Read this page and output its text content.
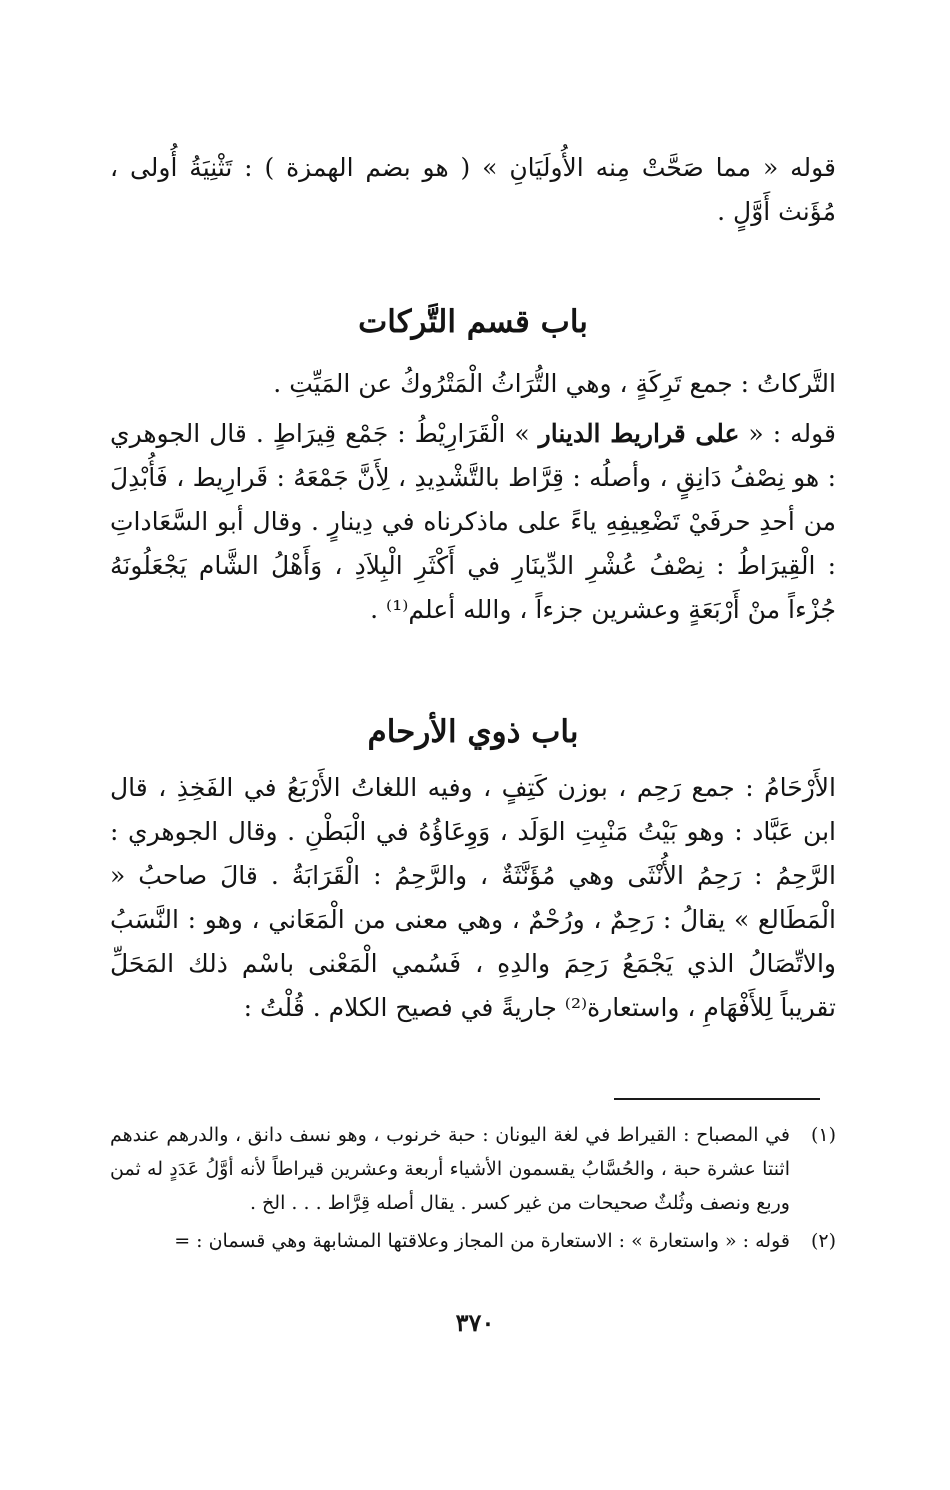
قوله « مما صَحَّتْ مِنه الأُولَيَانِ » ( هو بضم الهمزة ) : تَثْنِيَةُ أُولى ، مُؤَنث أَوَّلٍ .

باب قسم التَّركات

التَّركاتُ : جمع تَرِكَةٍ ، وهي التُّرَاثُ الْمَتْرُوكُ عن المَيِّتِ .

قوله : « على قراريط الدينار » الْقَرَارِيْطُ : جَمْع قِيرَاطٍ . قال الجوهري : هو نِصْفُ دَانِقٍ ، وأصلُه : قِرَّاط بالتَّشْدِيدِ ، لِأَنَّ جَمْعَهُ : قَرارِيط ، فَأُبْدِلَ من أحدِ حرفَيْ تَضْعِيفِهِ ياءً على ماذكرناه في دِينارٍ . وقال أبو السَّعَاداتِ : الْقِيرَاطُ : نِصْفُ عُشْرِ الدِّينَارِ في أَكْثَرِ الْبِلاَدِ ، وَأَهْلُ الشَّام يَجْعَلُونَهُ جُزْءاً منْ أَرْبَعَةٍ وعشرين جزءاً ، والله أعلم⁽¹⁾ .

باب ذوي الأرحام

الأَرْحَامُ : جمع رَحِم ، بوزن كَتِفٍ ، وفيه اللغاتُ الأَرْبَعُ في الفَخِذِ ، قال ابن عَبَّاد : وهو بَيْتُ مَنْبِتِ الوَلَد ، وَوِعَاؤُهُ في الْبَطْنِ . وقال الجوهري : الرَّحِمُ : رَحِمُ الأُنْثَى وهي مُؤَنَّثَةٌ ، والرَّحِمُ : الْقَرَابَةُ . قالَ صاحبُ « الْمَطَالع » يقالُ : رَحِمٌ ، ورُحْمٌ ، وهي معنى من الْمَعَاني ، وهو : النَّسَبُ والاتِّصَالُ الذي يَجْمَعُ رَحِمَ والدِهِ ، فَسُمي الْمَعْنى باسْم ذلك المَحَلِّ تقريباً لِلأَفْهَامِ ، واستعارة⁽²⁾ جاريةً في فصيح الكلام . قُلْتُ :

(١)
في المصباح : القيراط في لغة اليونان : حبة خرنوب ، وهو نسف دانق ، والدرهم عندهم اثنتا عشرة حبة ، والحُسَّابُ يقسمون الأشياء أربعة وعشرين قيراطاً لأنه أوَّلُ عَدَدٍ له ثمن وربع ونصف وثُلثٌ صحيحات من غير كسر . يقال أصله قِرَّاط . . . الخ .
(٢)
قوله : « واستعارة » : الاستعارة من المجاز وعلاقتها المشابهة وهي قسمان : =
٣٧٠
